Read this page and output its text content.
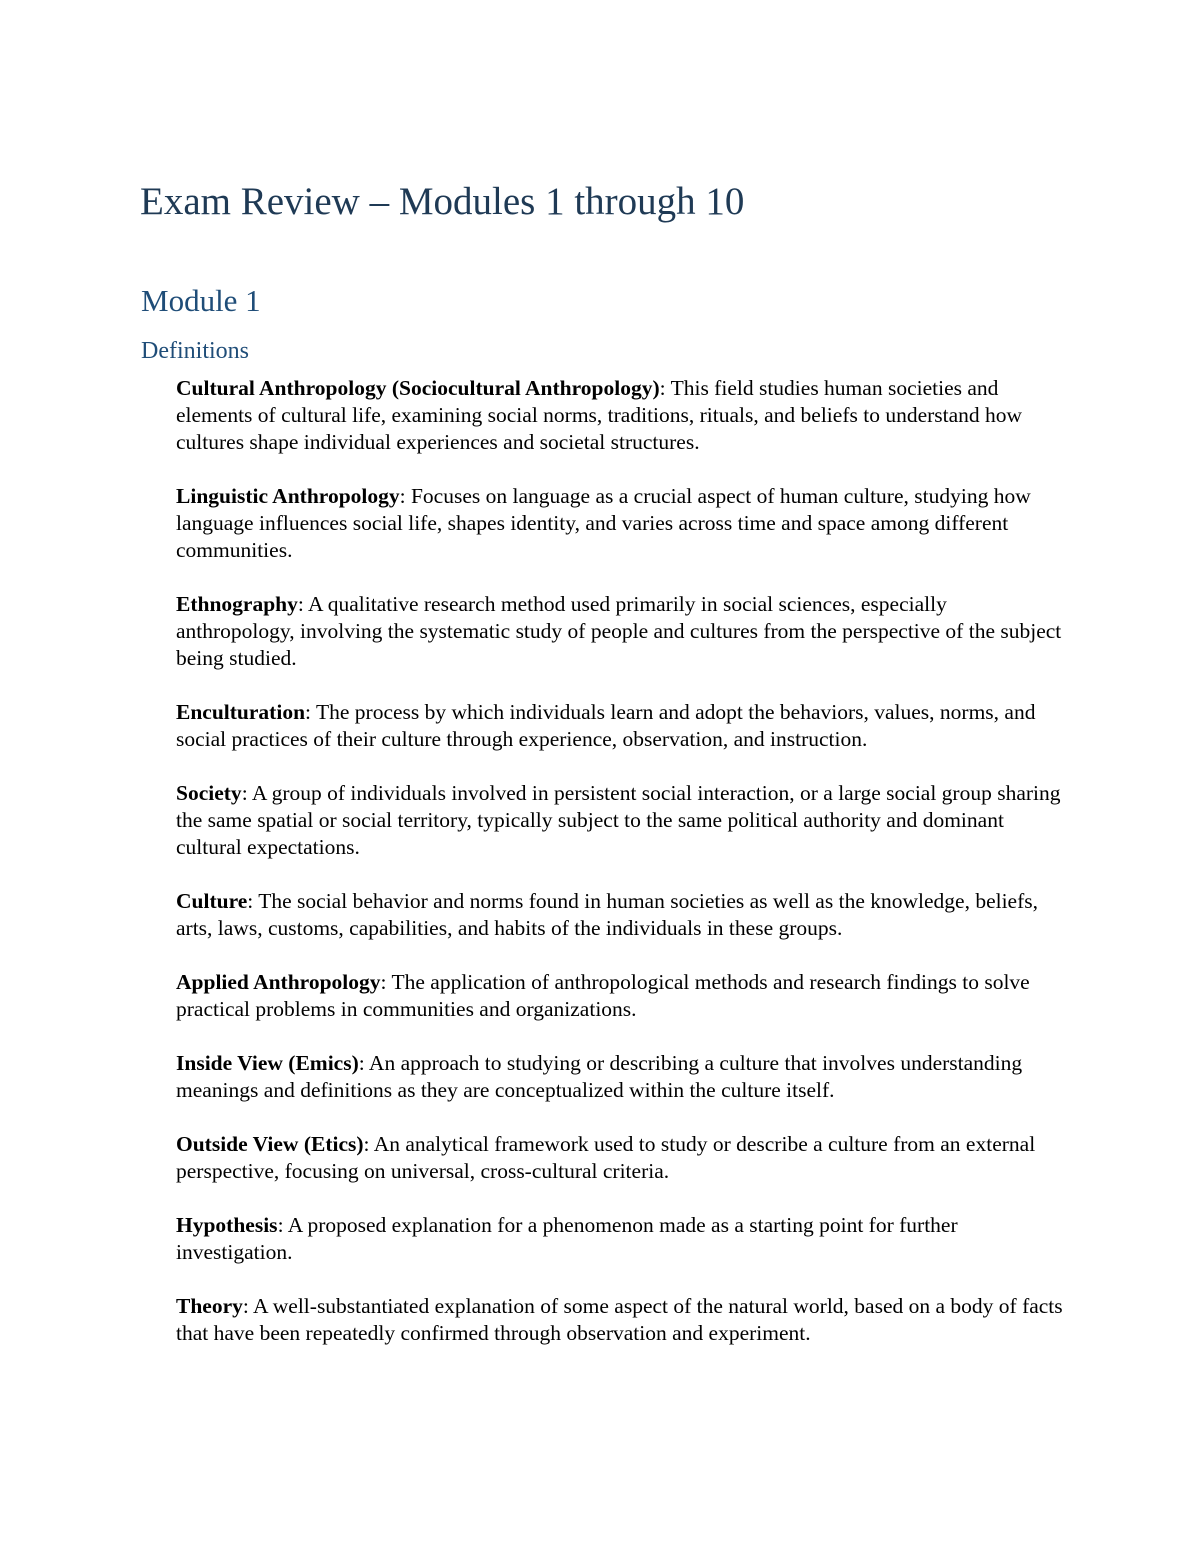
Exam Review – Modules 1 through 10
Module 1
Definitions

Cultural Anthropology (Sociocultural Anthropology): This field studies human societies and elements of cultural life, examining social norms, traditions, rituals, and beliefs to understand how cultures shape individual experiences and societal structures.

Linguistic Anthropology: Focuses on language as a crucial aspect of human culture, studying how language influences social life, shapes identity, and varies across time and space among different communities.

Ethnography: A qualitative research method used primarily in social sciences, especially anthropology, involving the systematic study of people and cultures from the perspective of the subject being studied.

Enculturation: The process by which individuals learn and adopt the behaviors, values, norms, and social practices of their culture through experience, observation, and instruction.

Society: A group of individuals involved in persistent social interaction, or a large social group sharing the same spatial or social territory, typically subject to the same political authority and dominant cultural expectations.

Culture: The social behavior and norms found in human societies as well as the knowledge, beliefs, arts, laws, customs, capabilities, and habits of the individuals in these groups.

Applied Anthropology: The application of anthropological methods and research findings to solve practical problems in communities and organizations.

Inside View (Emics): An approach to studying or describing a culture that involves understanding meanings and definitions as they are conceptualized within the culture itself.

Outside View (Etics): An analytical framework used to study or describe a culture from an external perspective, focusing on universal, cross-cultural criteria.

Hypothesis: A proposed explanation for a phenomenon made as a starting point for further investigation.

Theory: A well-substantiated explanation of some aspect of the natural world, based on a body of facts that have been repeatedly confirmed through observation and experiment.
